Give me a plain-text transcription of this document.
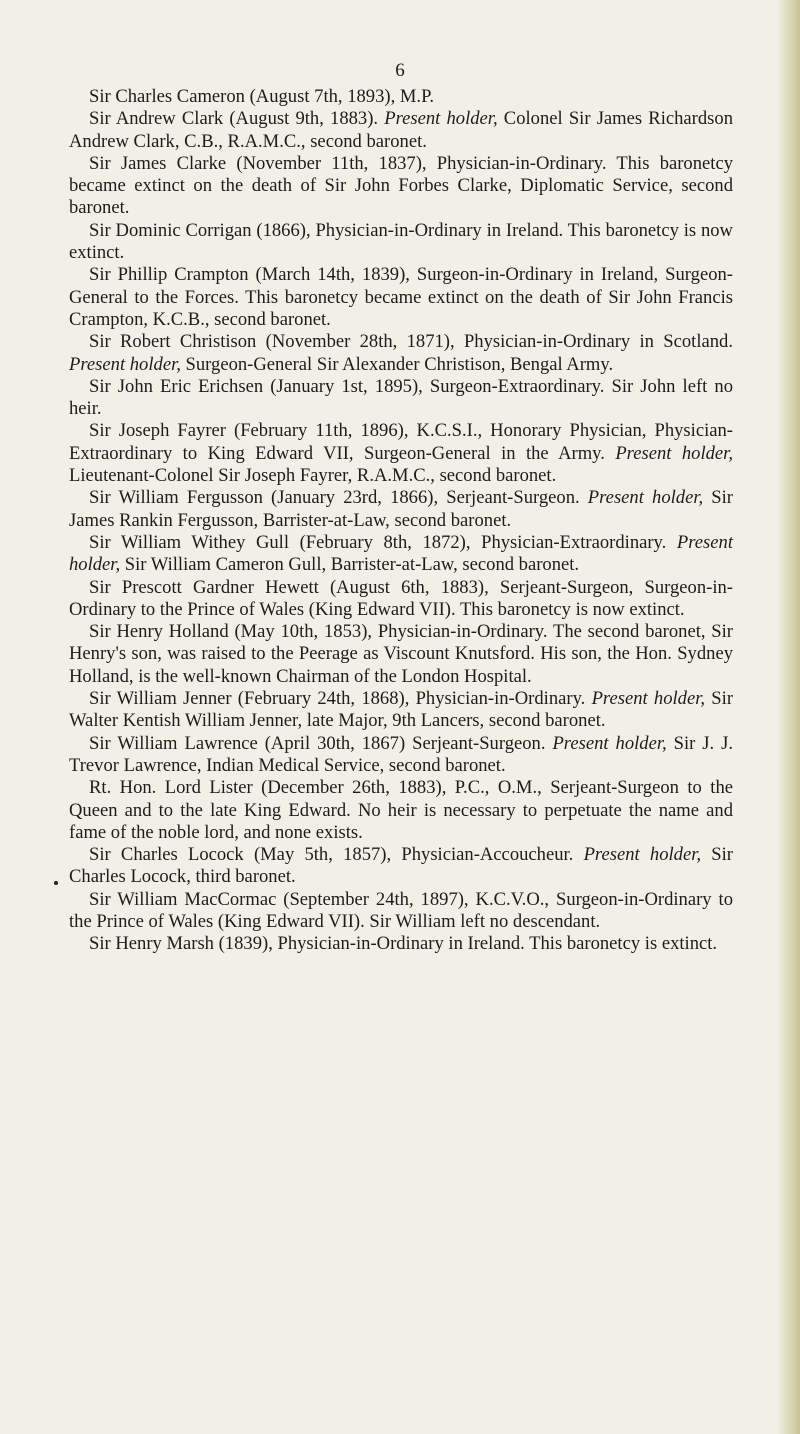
6

Sir Charles Cameron (August 7th, 1893), M.P.

Sir Andrew Clark (August 9th, 1883). Present holder, Colonel Sir James Richardson Andrew Clark, C.B., R.A.M.C., second baronet.

Sir James Clarke (November 11th, 1837), Physician-in-Ordinary. This baronetcy became extinct on the death of Sir John Forbes Clarke, Diplomatic Service, second baronet.

Sir Dominic Corrigan (1866), Physician-in-Ordinary in Ireland. This baronetcy is now extinct.

Sir Phillip Crampton (March 14th, 1839), Surgeon-in-Ordinary in Ireland, Surgeon-General to the Forces. This baronetcy became extinct on the death of Sir John Francis Crampton, K.C.B., second baronet.

Sir Robert Christison (November 28th, 1871), Physician-in-Ordinary in Scotland. Present holder, Surgeon-General Sir Alexander Christison, Bengal Army.

Sir John Eric Erichsen (January 1st, 1895), Surgeon-Extraordinary. Sir John left no heir.

Sir Joseph Fayrer (February 11th, 1896), K.C.S.I., Honorary Physician, Physician-Extraordinary to King Edward VII, Surgeon-General in the Army. Present holder, Lieutenant-Colonel Sir Joseph Fayrer, R.A.M.C., second baronet.

Sir William Fergusson (January 23rd, 1866), Serjeant-Surgeon. Present holder, Sir James Rankin Fergusson, Barrister-at-Law, second baronet.

Sir William Withey Gull (February 8th, 1872), Physician-Extraordinary. Present holder, Sir William Cameron Gull, Barrister-at-Law, second baronet.

Sir Prescott Gardner Hewett (August 6th, 1883), Serjeant-Surgeon, Surgeon-in-Ordinary to the Prince of Wales (King Edward VII). This baronetcy is now extinct.

Sir Henry Holland (May 10th, 1853), Physician-in-Ordinary. The second baronet, Sir Henry's son, was raised to the Peerage as Viscount Knutsford. His son, the Hon. Sydney Holland, is the well-known Chairman of the London Hospital.

Sir William Jenner (February 24th, 1868), Physician-in-Ordinary. Present holder, Sir Walter Kentish William Jenner, late Major, 9th Lancers, second baronet.

Sir William Lawrence (April 30th, 1867) Serjeant-Surgeon. Present holder, Sir J. J. Trevor Lawrence, Indian Medical Service, second baronet.

Rt. Hon. Lord Lister (December 26th, 1883), P.C., O.M., Serjeant-Surgeon to the Queen and to the late King Edward. No heir is necessary to perpetuate the name and fame of the noble lord, and none exists.

Sir Charles Locock (May 5th, 1857), Physician-Accoucheur. Present holder, Sir Charles Locock, third baronet.

Sir William MacCormac (September 24th, 1897), K.C.V.O., Surgeon-in-Ordinary to the Prince of Wales (King Edward VII). Sir William left no descendant.

Sir Henry Marsh (1839), Physician-in-Ordinary in Ireland. This baronetcy is extinct.
